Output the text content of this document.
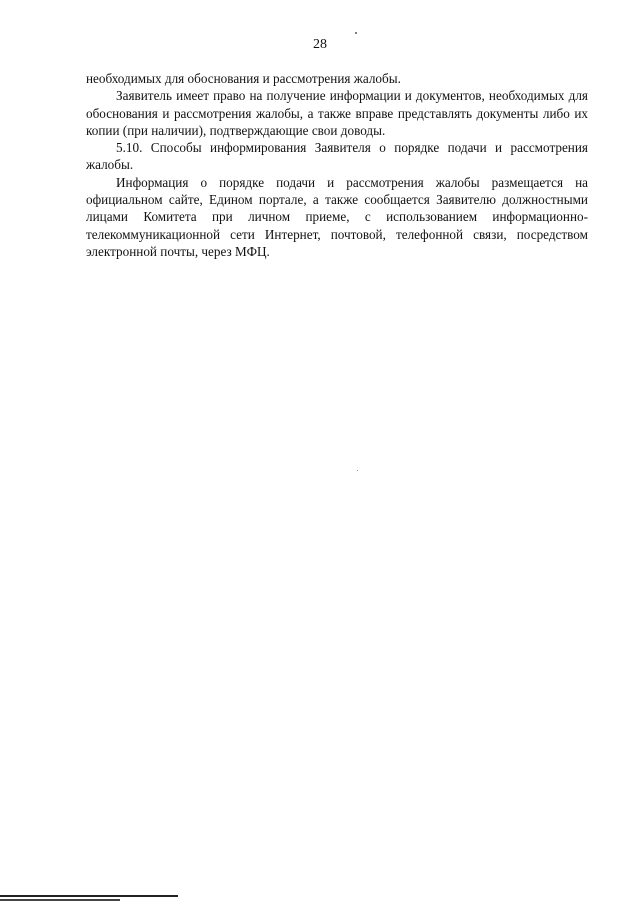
28

необходимых для обоснования и рассмотрения жалобы.

Заявитель имеет право на получение информации и документов, необходимых для обоснования и рассмотрения жалобы, а также вправе представлять документы либо их копии (при наличии), подтверждающие свои доводы.

5.10. Способы информирования Заявителя о порядке подачи и рассмотрения жалобы.

Информация о порядке подачи и рассмотрения жалобы размещается на официальном сайте, Едином портале, а также сообщается Заявителю должностными лицами Комитета при личном приеме, с использованием информационно-телекоммуникационной сети Интернет, почтовой, телефонной связи, посредством электронной почты, через МФЦ.
